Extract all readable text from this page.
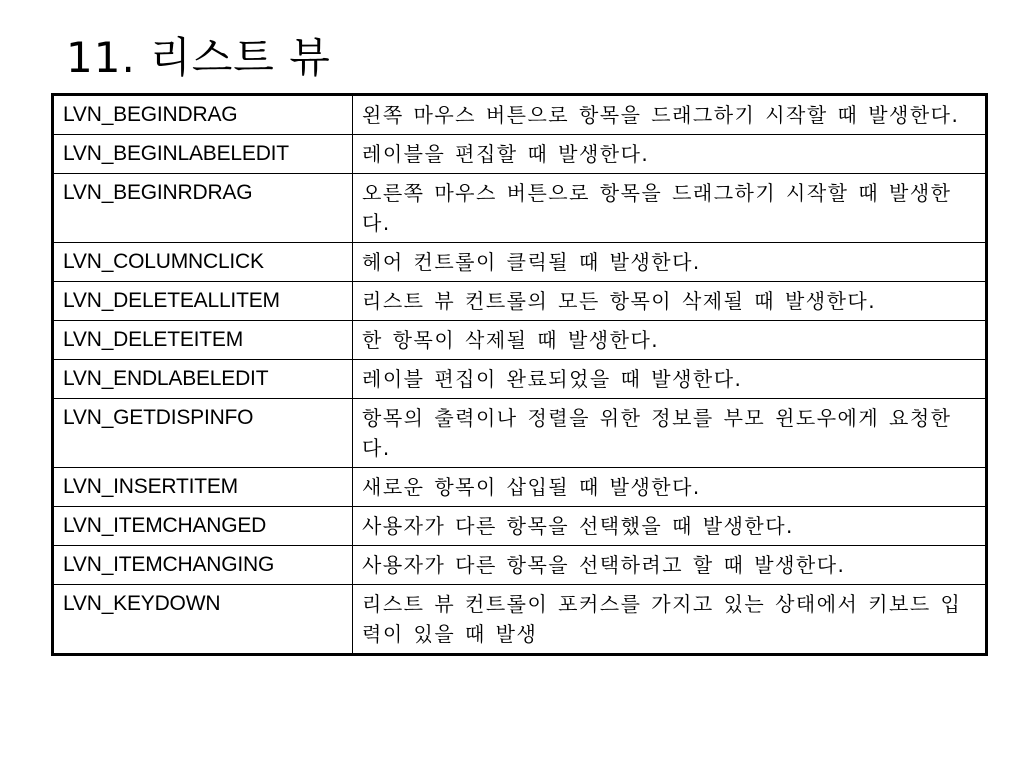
11. 리스트 뷰
LVN_BEGINDRAG	왼쪽 마우스 버튼으로 항목을 드래그하기 시작할 때 발생한다.
LVN_BEGINLABELEDIT	레이블을 편집할 때 발생한다.
LVN_BEGINRDRAG	오른쪽 마우스 버튼으로 항목을 드래그하기 시작할 때 발생한다.
LVN_COLUMNCLICK	헤어 컨트롤이 클릭될 때 발생한다.
LVN_DELETEALLITEM	리스트 뷰 컨트롤의 모든 항목이 삭제될 때 발생한다.
LVN_DELETEITEM	한 항목이 삭제될 때 발생한다.
LVN_ENDLABELEDIT	레이블 편집이 완료되었을 때 발생한다.
LVN_GETDISPINFO	항목의 출력이나 정렬을 위한 정보를 부모 윈도우에게 요청한다.
LVN_INSERTITEM	새로운 항목이 삽입될 때 발생한다.
LVN_ITEMCHANGED	사용자가 다른 항목을 선택했을 때 발생한다.
LVN_ITEMCHANGING	사용자가 다른 항목을 선택하려고 할 때 발생한다.
LVN_KEYDOWN	리스트 뷰 컨트롤이 포커스를 가지고 있는 상태에서 키보드 입력이 있을 때 발생
